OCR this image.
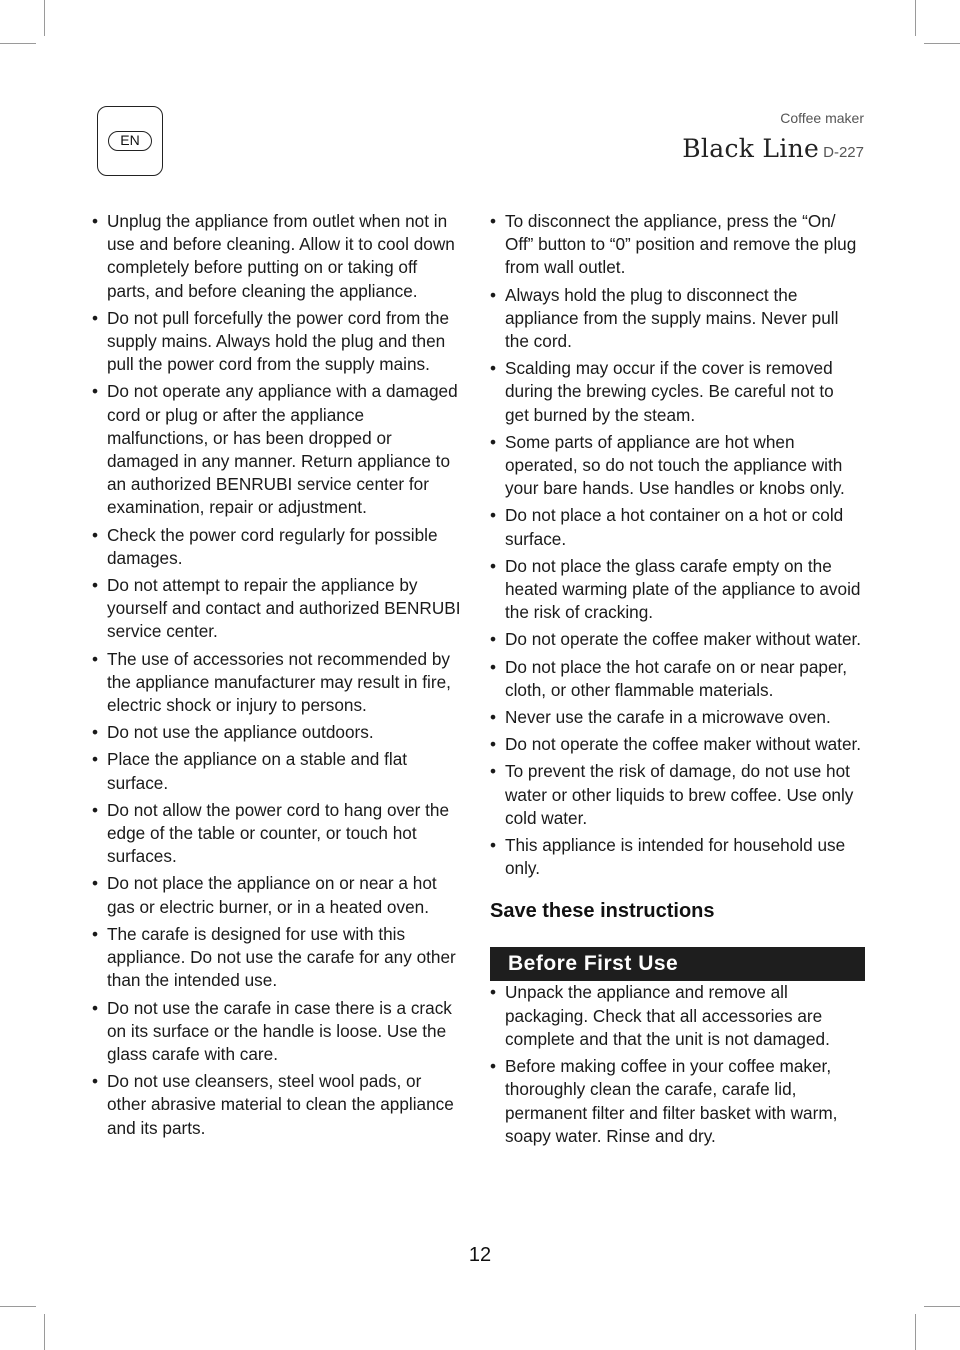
EN
Coffee maker
Black Line D-227
• Unplug the appliance from outlet when not in use and before cleaning. Allow it to cool down completely before putting on or taking off parts, and before cleaning the appliance.
• Do not pull forcefully the power cord from the supply mains. Always hold the plug and then pull the power cord from the supply mains.
• Do not operate any appliance with a damaged cord or plug or after the appliance malfunctions, or has been dropped or damaged in any manner. Return appliance to an authorized BENRUBI service center for examination, repair or adjustment.
• Check the power cord regularly for possible damages.
• Do not attempt to repair the appliance by yourself and contact and authorized BENRUBI service center.
• The use of accessories not recommended by the appliance manufacturer may result in fire, electric shock or injury to persons.
• Do not use the appliance outdoors.
• Place the appliance on a stable and flat surface.
• Do not allow the power cord to hang over the edge of the table or counter, or touch hot surfaces.
• Do not place the appliance on or near a hot gas or electric burner, or in a heated oven.
• The carafe is designed for use with this appliance. Do not use the carafe for any other than the intended use.
• Do not use the carafe in case there is a crack on its surface or the handle is loose. Use the glass carafe with care.
• Do not use cleansers, steel wool pads, or other abrasive material to clean the appliance and its parts.
• To disconnect the appliance, press the “On/ Off” button to “0” position and remove the plug from wall outlet.
• Always hold the plug to disconnect the appliance from the supply mains. Never pull the cord.
• Scalding may occur if the cover is removed during the brewing cycles. Be careful not to get burned by the steam.
• Some parts of appliance are hot when operated, so do not touch the appliance with your bare hands. Use handles or knobs only.
• Do not place a hot container on a hot or cold surface.
• Do not place the glass carafe empty on the heated warming plate of the appliance to avoid the risk of cracking.
• Do not operate the coffee maker without water.
• Do not place the hot carafe on or near paper, cloth, or other flammable materials.
• Never use the carafe in a microwave oven.
• Do not operate the coffee maker without water.
• To prevent the risk of damage, do not use hot water or other liquids to brew coffee. Use only cold water.
• This appliance is intended for household use only.
Save these instructions
Before First Use
• Unpack the appliance and remove all packaging. Check that all accessories are complete and that the unit is not damaged.
• Before making coffee in your coffee maker, thoroughly clean the carafe, carafe lid, permanent filter and filter basket with warm, soapy water. Rinse and dry.
12
